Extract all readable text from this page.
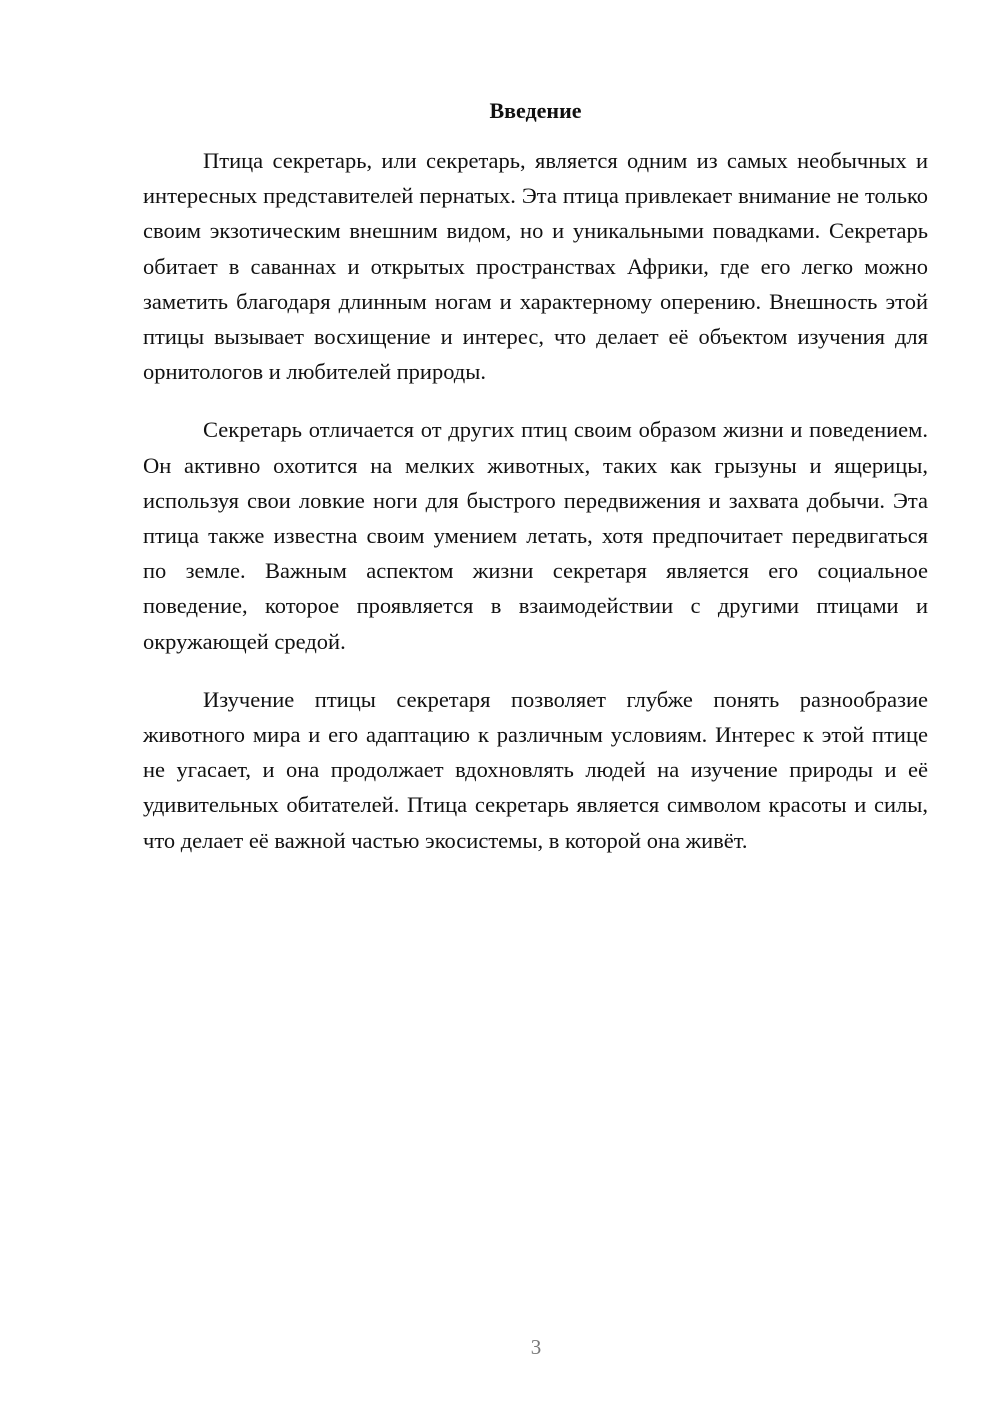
Введение

Птица секретарь, или секретарь, является одним из самых необычных и интересных представителей пернатых. Эта птица привлекает внимание не только своим экзотическим внешним видом, но и уникальными повадками. Секретарь обитает в саваннах и открытых пространствах Африки, где его легко можно заметить благодаря длинным ногам и характерному оперению. Внешность этой птицы вызывает восхищение и интерес, что делает её объектом изучения для орнитологов и любителей природы.

Секретарь отличается от других птиц своим образом жизни и поведением. Он активно охотится на мелких животных, таких как грызуны и ящерицы, используя свои ловкие ноги для быстрого передвижения и захвата добычи. Эта птица также известна своим умением летать, хотя предпочитает передвигаться по земле. Важным аспектом жизни секретаря является его социальное поведение, которое проявляется в взаимодействии с другими птицами и окружающей средой.

Изучение птицы секретаря позволяет глубже понять разнообразие животного мира и его адаптацию к различным условиям. Интерес к этой птице не угасает, и она продолжает вдохновлять людей на изучение природы и её удивительных обитателей. Птица секретарь является символом красоты и силы, что делает её важной частью экосистемы, в которой она живёт.

3
